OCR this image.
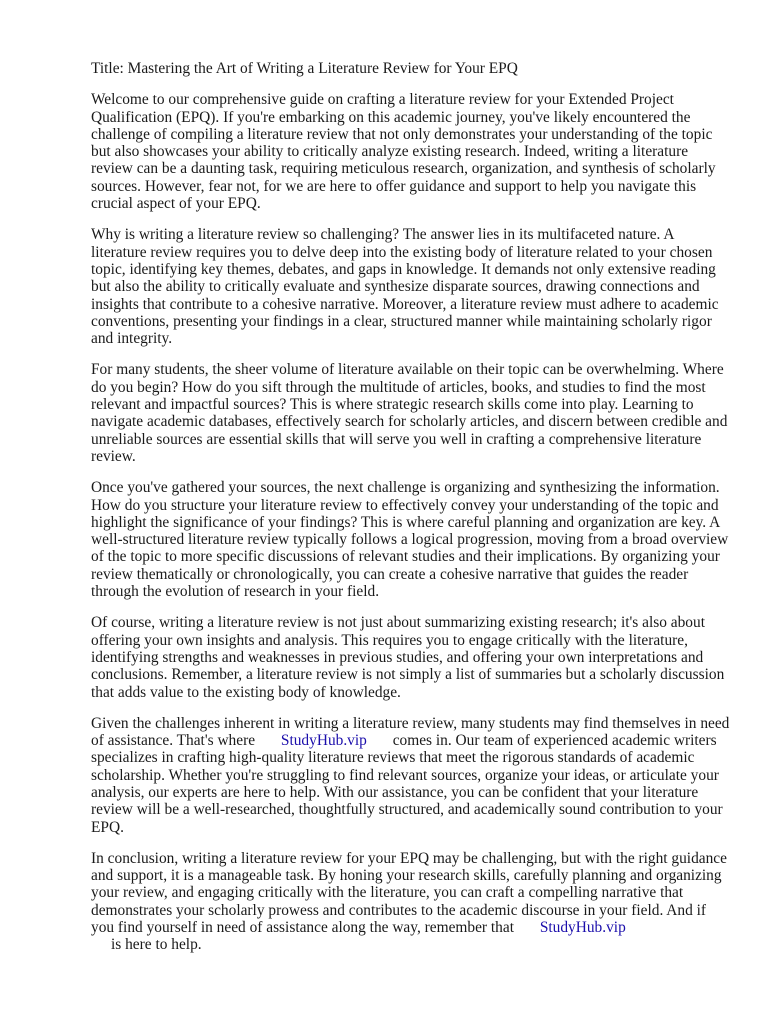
Title: Mastering the Art of Writing a Literature Review for Your EPQ

Welcome to our comprehensive guide on crafting a literature review for your Extended Project Qualification (EPQ). If you're embarking on this academic journey, you've likely encountered the challenge of compiling a literature review that not only demonstrates your understanding of the topic but also showcases your ability to critically analyze existing research. Indeed, writing a literature review can be a daunting task, requiring meticulous research, organization, and synthesis of scholarly sources. However, fear not, for we are here to offer guidance and support to help you navigate this crucial aspect of your EPQ.

Why is writing a literature review so challenging? The answer lies in its multifaceted nature. A literature review requires you to delve deep into the existing body of literature related to your chosen topic, identifying key themes, debates, and gaps in knowledge. It demands not only extensive reading but also the ability to critically evaluate and synthesize disparate sources, drawing connections and insights that contribute to a cohesive narrative. Moreover, a literature review must adhere to academic conventions, presenting your findings in a clear, structured manner while maintaining scholarly rigor and integrity.

For many students, the sheer volume of literature available on their topic can be overwhelming. Where do you begin? How do you sift through the multitude of articles, books, and studies to find the most relevant and impactful sources? This is where strategic research skills come into play. Learning to navigate academic databases, effectively search for scholarly articles, and discern between credible and unreliable sources are essential skills that will serve you well in crafting a comprehensive literature review.

Once you've gathered your sources, the next challenge is organizing and synthesizing the information. How do you structure your literature review to effectively convey your understanding of the topic and highlight the significance of your findings? This is where careful planning and organization are key. A well-structured literature review typically follows a logical progression, moving from a broad overview of the topic to more specific discussions of relevant studies and their implications. By organizing your review thematically or chronologically, you can create a cohesive narrative that guides the reader through the evolution of research in your field.

Of course, writing a literature review is not just about summarizing existing research; it's also about offering your own insights and analysis. This requires you to engage critically with the literature, identifying strengths and weaknesses in previous studies, and offering your own interpretations and conclusions. Remember, a literature review is not simply a list of summaries but a scholarly discussion that adds value to the existing body of knowledge.

Given the challenges inherent in writing a literature review, many students may find themselves in need of assistance. That's where StudyHub.vip comes in. Our team of experienced academic writers specializes in crafting high-quality literature reviews that meet the rigorous standards of academic scholarship. Whether you're struggling to find relevant sources, organize your ideas, or articulate your analysis, our experts are here to help. With our assistance, you can be confident that your literature review will be a well-researched, thoughtfully structured, and academically sound contribution to your EPQ.

In conclusion, writing a literature review for your EPQ may be challenging, but with the right guidance and support, it is a manageable task. By honing your research skills, carefully planning and organizing your review, and engaging critically with the literature, you can craft a compelling narrative that demonstrates your scholarly prowess and contributes to the academic discourse in your field. And if you find yourself in need of assistance along the way, remember that StudyHub.vip
is here to help.
